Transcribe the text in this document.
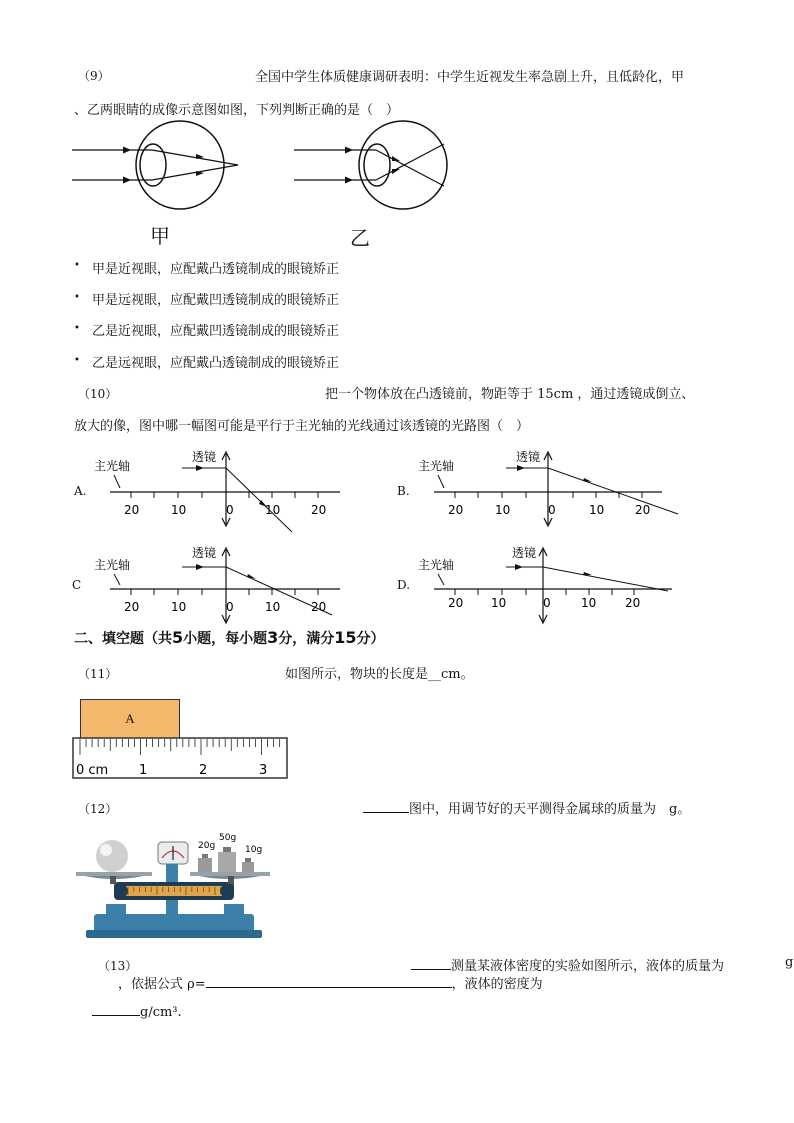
（9）	全国中学生体质健康调研表明：中学生近视发生率急剧上升，且低龄化，甲
、乙两眼睛的成像示意图如图，下列判断正确的是（　）
甲	乙
• 甲是近视眼，应配戴凸透镜制成的眼镜矫正
• 甲是远视眼，应配戴凹透镜制成的眼镜矫正
• 乙是近视眼，应配戴凹透镜制成的眼镜矫正
• 乙是远视眼，应配戴凸透镜制成的眼镜矫正
（10）	把一个物体放在凸透镜前，物距等于 15cm ，通过透镜成倒立、
放大的像，图中哪一幅图可能是平行于主光轴的光线通过该透镜的光路图（　）
A.
主光轴
透镜
20	10	0	10	20
B.
主光轴
透镜
20	10	0	10	20
C
主光轴
透镜
20	10	0	10	20
D.
主光轴
透镜
20 10	0	10 20
二、填空题（共5小题，每小题3分，满分15分）
（11）	如图所示，物块的长度是__cm。
A
0 cm 1	2	3
（12）	图中，用调节好的天平测得金属球的质量为　g。
20g
50g
10g
（13）	测量某液体密度的实验如图所示，液体的质量为	g
，依据公式 ρ=	，液体的密度为
g/cm³.
